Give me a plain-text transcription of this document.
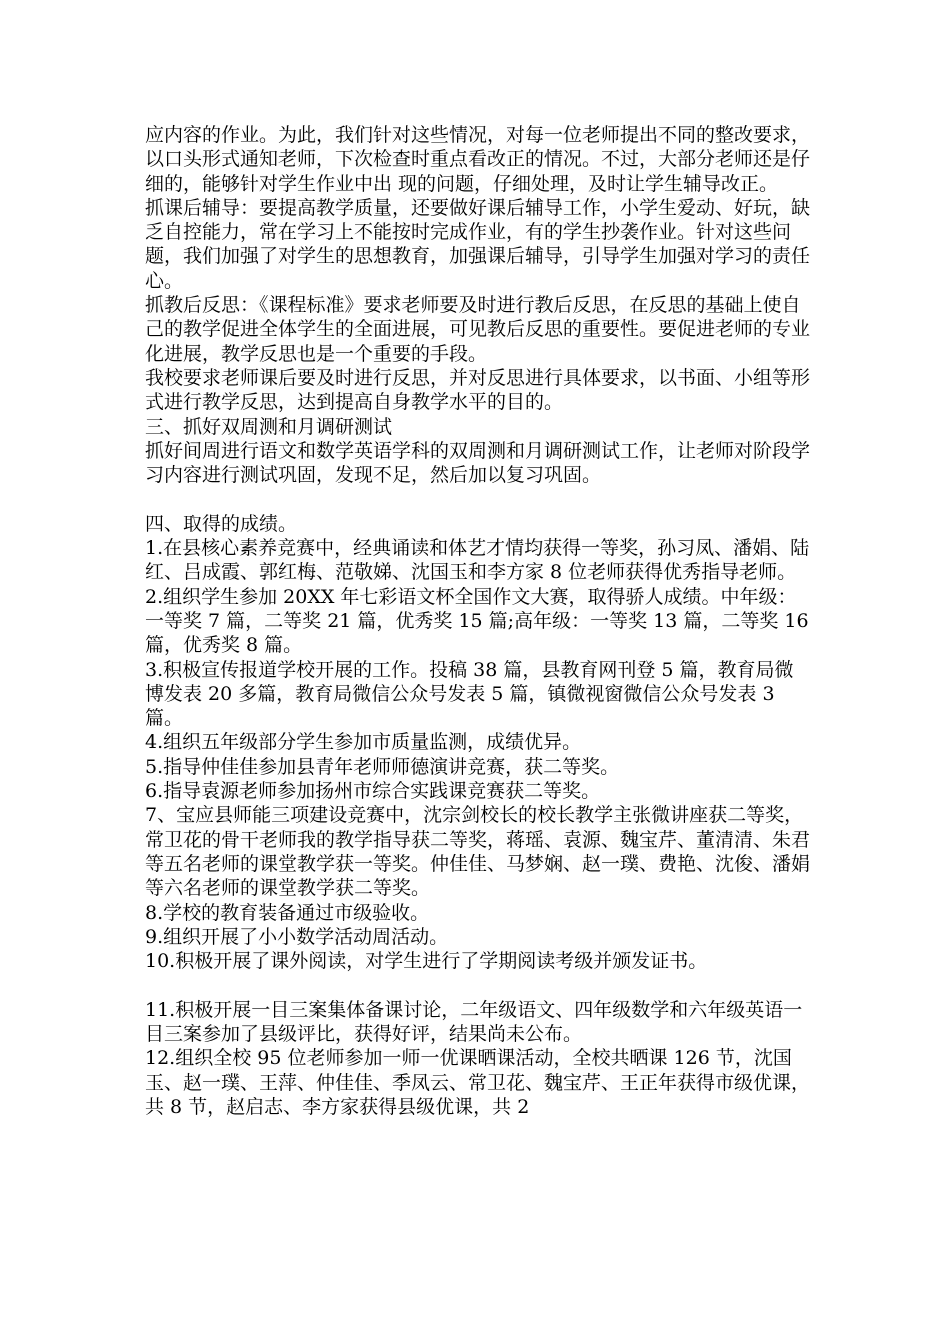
应内容的作业。为此，我们针对这些情况，对每一位老师提出不同的整改要求，以口头形式通知老师，下次检查时重点看改正的情况。不过，大部分老师还是仔细的，能够针对学生作业中出 现的问题，仔细处理，及时让学生辅导改正。

抓课后辅导：要提高教学质量，还要做好课后辅导工作，小学生爱动、好玩，缺乏自控能力，常在学习上不能按时完成作业，有的学生抄袭作业。针对这些问题，我们加强了对学生的思想教育，加强课后辅导，引导学生加强对学习的责任心。

抓教后反思：《课程标准》要求老师要及时进行教后反思，在反思的基础上使自己的教学促进全体学生的全面进展，可见教后反思的重要性。要促进老师的专业化进展，教学反思也是一个重要的手段。

我校要求老师课后要及时进行反思，并对反思进行具体要求，以书面、小组等形式进行教学反思，达到提高自身教学水平的目的。

三、抓好双周测和月调研测试

抓好间周进行语文和数学英语学科的双周测和月调研测试工作，让老师对阶段学习内容进行测试巩固，发现不足，然后加以复习巩固。

四、取得的成绩。

1.在县核心素养竞赛中，经典诵读和体艺才情均获得一等奖，孙习凤、潘娟、陆红、吕成霞、郭红梅、范敬娣、沈国玉和李方家 8 位老师获得优秀指导老师。

2.组织学生参加 20XX 年七彩语文杯全国作文大赛，取得骄人成绩。中年级：一等奖 7 篇，二等奖 21 篇，优秀奖 15 篇;高年级：一等奖 13 篇，二等奖 16 篇，优秀奖 8 篇。

3.积极宣传报道学校开展的工作。投稿 38 篇，县教育网刊登 5 篇，教育局微博发表 20 多篇，教育局微信公众号发表 5 篇，镇微视窗微信公众号发表 3 篇。

4.组织五年级部分学生参加市质量监测，成绩优异。

5.指导仲佳佳参加县青年老师师德演讲竞赛，获二等奖。

6.指导袁源老师参加扬州市综合实践课竞赛获二等奖。

7、宝应县师能三项建设竞赛中，沈宗剑校长的校长教学主张微讲座获二等奖，常卫花的骨干老师我的教学指导获二等奖，蒋瑶、袁源、魏宝芹、董清清、朱君等五名老师的课堂教学获一等奖。仲佳佳、马梦娴、赵一璞、费艳、沈俊、潘娟等六名老师的课堂教学获二等奖。

8.学校的教育装备通过市级验收。

9.组织开展了小小数学活动周活动。

10.积极开展了课外阅读，对学生进行了学期阅读考级并颁发证书。

11.积极开展一目三案集体备课讨论，二年级语文、四年级数学和六年级英语一目三案参加了县级评比，获得好评，结果尚未公布。

12.组织全校 95 位老师参加一师一优课晒课活动，全校共晒课 126 节，沈国玉、赵一璞、王萍、仲佳佳、季凤云、常卫花、魏宝芹、王正年获得市级优课，共 8 节，赵启志、李方家获得县级优课，共 2
